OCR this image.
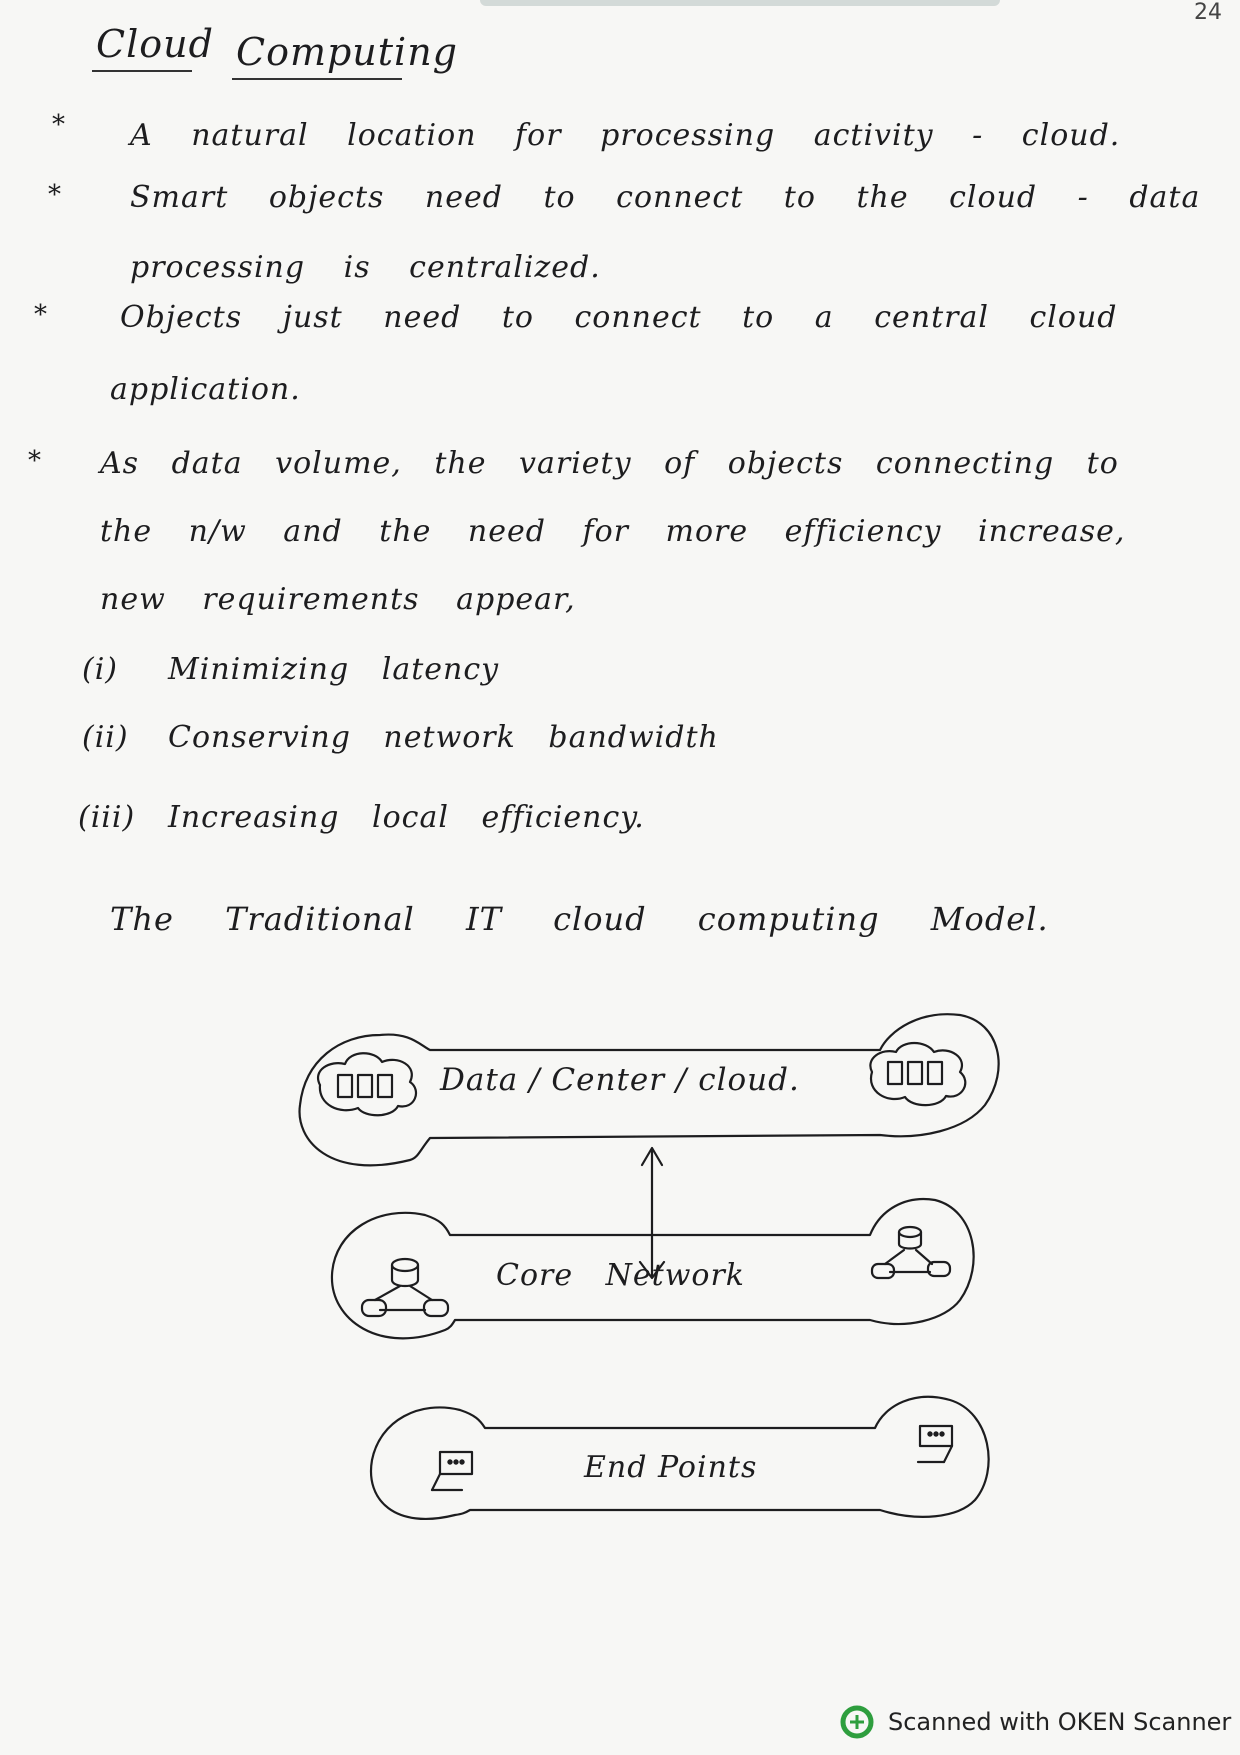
24
Cloud Computing
* A natural location for processing activity - cloud.
* Smart objects need to connect to the cloud - data
processing is centralized.
* Objects just need to connect to a central cloud
application.
* As data volume, the variety of objects connecting to
the n/w and the need for more efficiency increase,
new requirements appear,
(i) Minimizing latency
(ii) Conserving network bandwidth
(iii) Increasing local efficiency.
The Traditional IT cloud computing Model.
Data / Center / cloud.
Core Network
End Points
Scanned with OKEN Scanner
